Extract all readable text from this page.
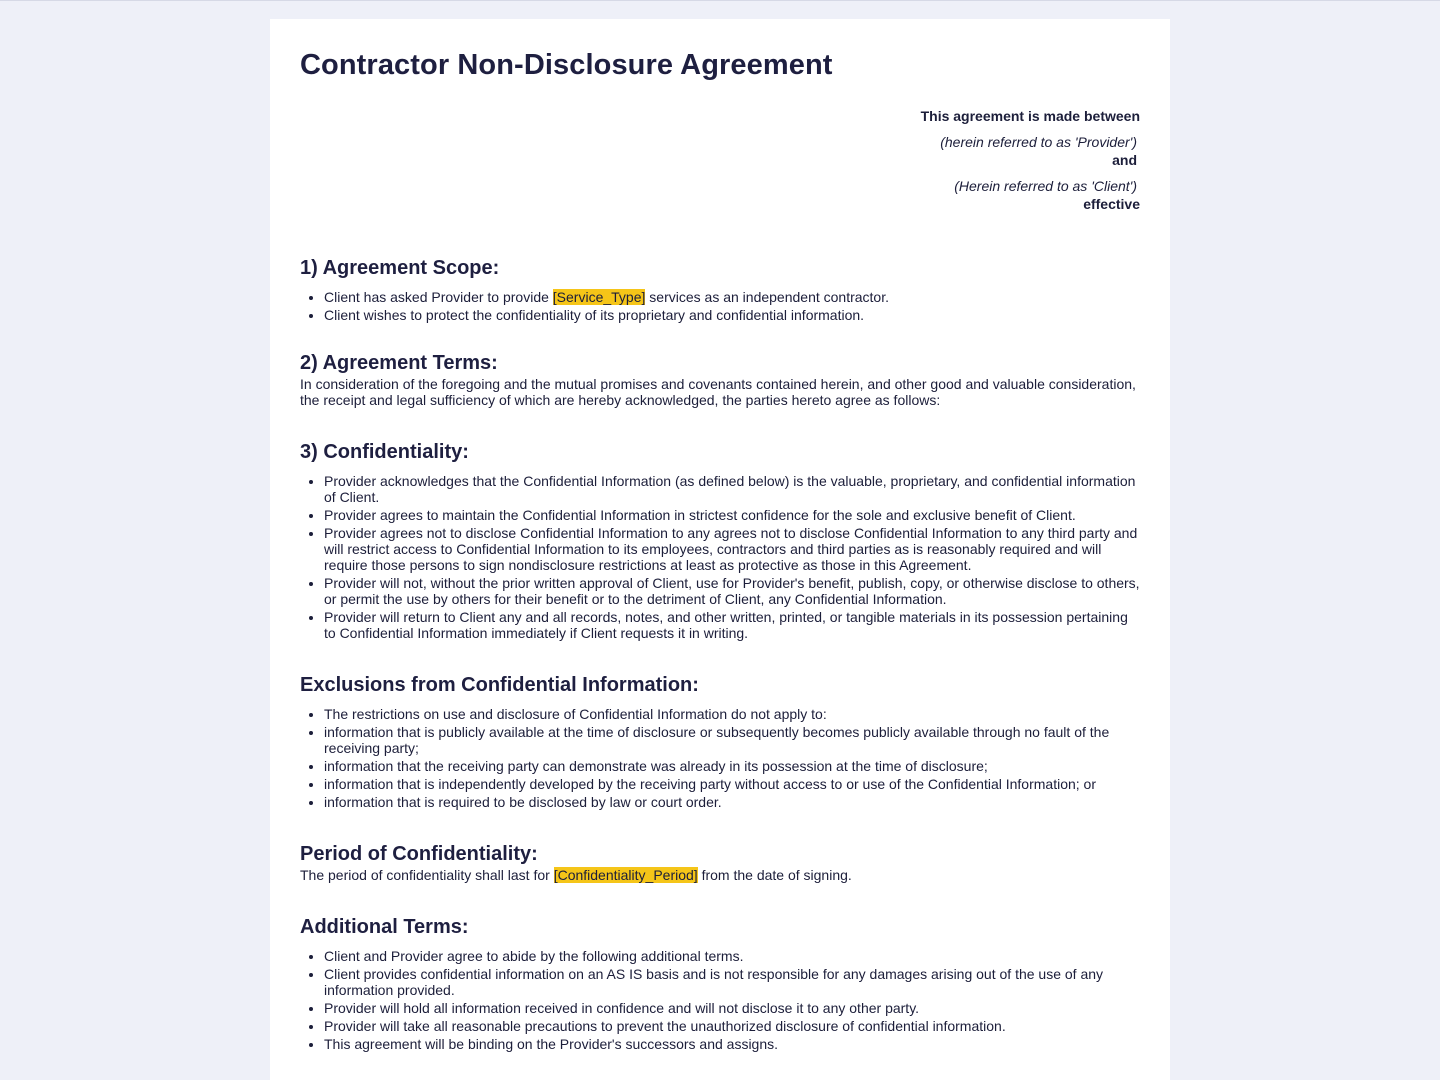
Contractor Non-Disclosure Agreement
This agreement is made between
(herein referred to as 'Provider')
and
(Herein referred to as 'Client')
effective
1) Agreement Scope:
• Client has asked Provider to provide [Service_Type] services as an independent contractor.
• Client wishes to protect the confidentiality of its proprietary and confidential information.
2) Agreement Terms:

In consideration of the foregoing and the mutual promises and covenants contained herein, and other good and valuable consideration, the receipt and legal sufficiency of which are hereby acknowledged, the parties hereto agree as follows:

3) Confidentiality:
• Provider acknowledges that the Confidential Information (as defined below) is the valuable, proprietary, and confidential information of Client.
• Provider agrees to maintain the Confidential Information in strictest confidence for the sole and exclusive benefit of Client.
• Provider agrees not to disclose Confidential Information to any agrees not to disclose Confidential Information to any third party and will restrict access to Confidential Information to its employees, contractors and third parties as is reasonably required and will require those persons to sign nondisclosure restrictions at least as protective as those in this Agreement.
• Provider will not, without the prior written approval of Client, use for Provider's benefit, publish, copy, or otherwise disclose to others, or permit the use by others for their benefit or to the detriment of Client, any Confidential Information.
• Provider will return to Client any and all records, notes, and other written, printed, or tangible materials in its possession pertaining to Confidential Information immediately if Client requests it in writing.
Exclusions from Confidential Information:
• The restrictions on use and disclosure of Confidential Information do not apply to:
• information that is publicly available at the time of disclosure or subsequently becomes publicly available through no fault of the receiving party;
• information that the receiving party can demonstrate was already in its possession at the time of disclosure;
• information that is independently developed by the receiving party without access to or use of the Confidential Information; or
• information that is required to be disclosed by law or court order.
Period of Confidentiality:

The period of confidentiality shall last for [Confidentiality_Period] from the date of signing.

Additional Terms:
• Client and Provider agree to abide by the following additional terms.
• Client provides confidential information on an AS IS basis and is not responsible for any damages arising out of the use of any information provided.
• Provider will hold all information received in confidence and will not disclose it to any other party.
• Provider will take all reasonable precautions to prevent the unauthorized disclosure of confidential information.
• This agreement will be binding on the Provider's successors and assigns.
